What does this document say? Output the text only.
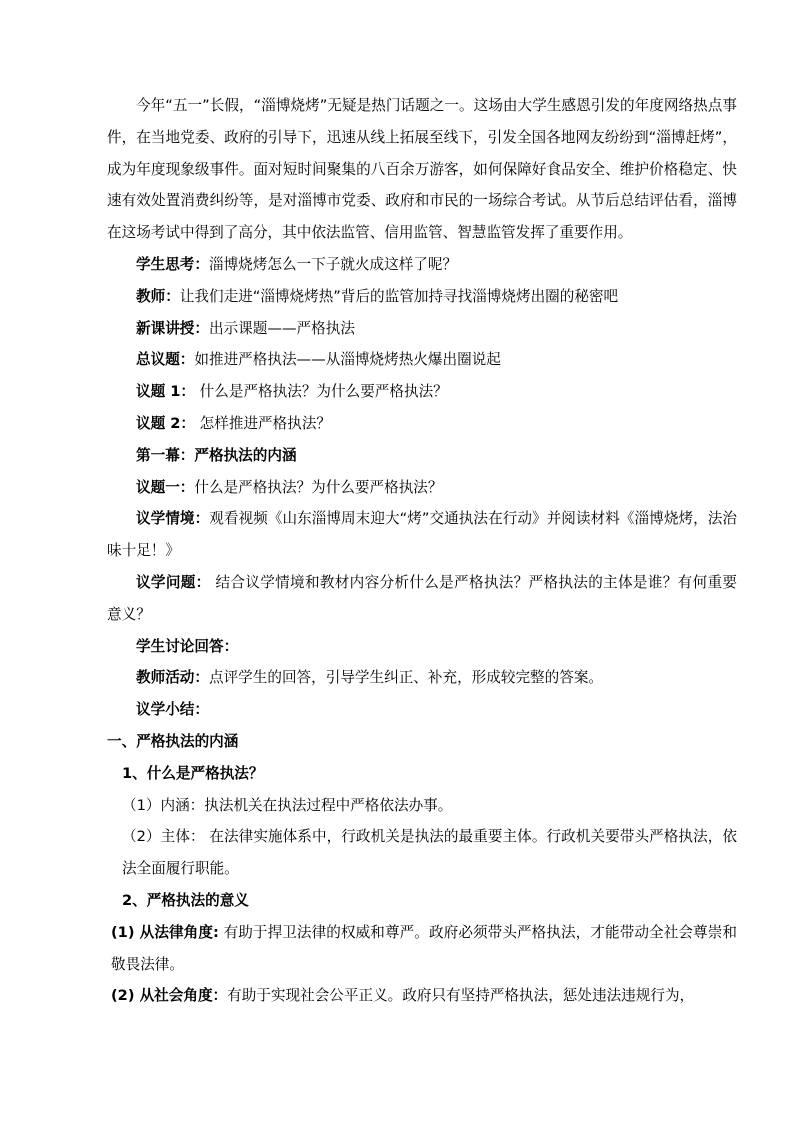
今年“五一”长假，“淄博烧烤”无疑是热门话题之一。这场由大学生感恩引发的年度网络热点事件，在当地党委、政府的引导下，迅速从线上拓展至线下，引发全国各地网友纷纷到“淄博赶烤”，成为年度现象级事件。面对短时间聚集的八百余万游客，如何保障好食品安全、维护价格稳定、快速有效处置消费纠纷等，是对淄博市党委、政府和市民的一场综合考试。从节后总结评估看，淄博在这场考试中得到了高分，其中依法监管、信用监管、智慧监管发挥了重要作用。

学生思考：淄博烧烤怎么一下子就火成这样了呢？

教师：让我们走进“淄博烧烤热”背后的监管加持寻找淄博烧烤出圈的秘密吧

新课讲授：出示课题——严格执法

总议题：如推进严格执法——从淄博烧烤热火爆出圈说起

议题 1： 什么是严格执法？为什么要严格执法？

议题 2： 怎样推进严格执法？

第一幕：严格执法的内涵

议题一：什么是严格执法？为什么要严格执法？

议学情境：观看视频《山东淄博周末迎大“烤”交通执法在行动》并阅读材料《淄博烧烤，法治味十足！》

议学问题： 结合议学情境和教材内容分析什么是严格执法？严格执法的主体是谁？有何重要意义？

学生讨论回答：

教师活动：点评学生的回答，引导学生纠正、补充，形成较完整的答案。

议学小结：

一、严格执法的内涵

1、什么是严格执法？

（1）内涵：执法机关在执法过程中严格依法办事。

（2）主体： 在法律实施体系中，行政机关是执法的最重要主体。行政机关要带头严格执法，依法全面履行职能。

2、严格执法的意义

(1) 从法律角度: 有助于捍卫法律的权威和尊严。政府必须带头严格执法，才能带动全社会尊崇和敬畏法律。

(2) 从社会角度：有助于实现社会公平正义。政府只有坚持严格执法，惩处违法违规行为，
